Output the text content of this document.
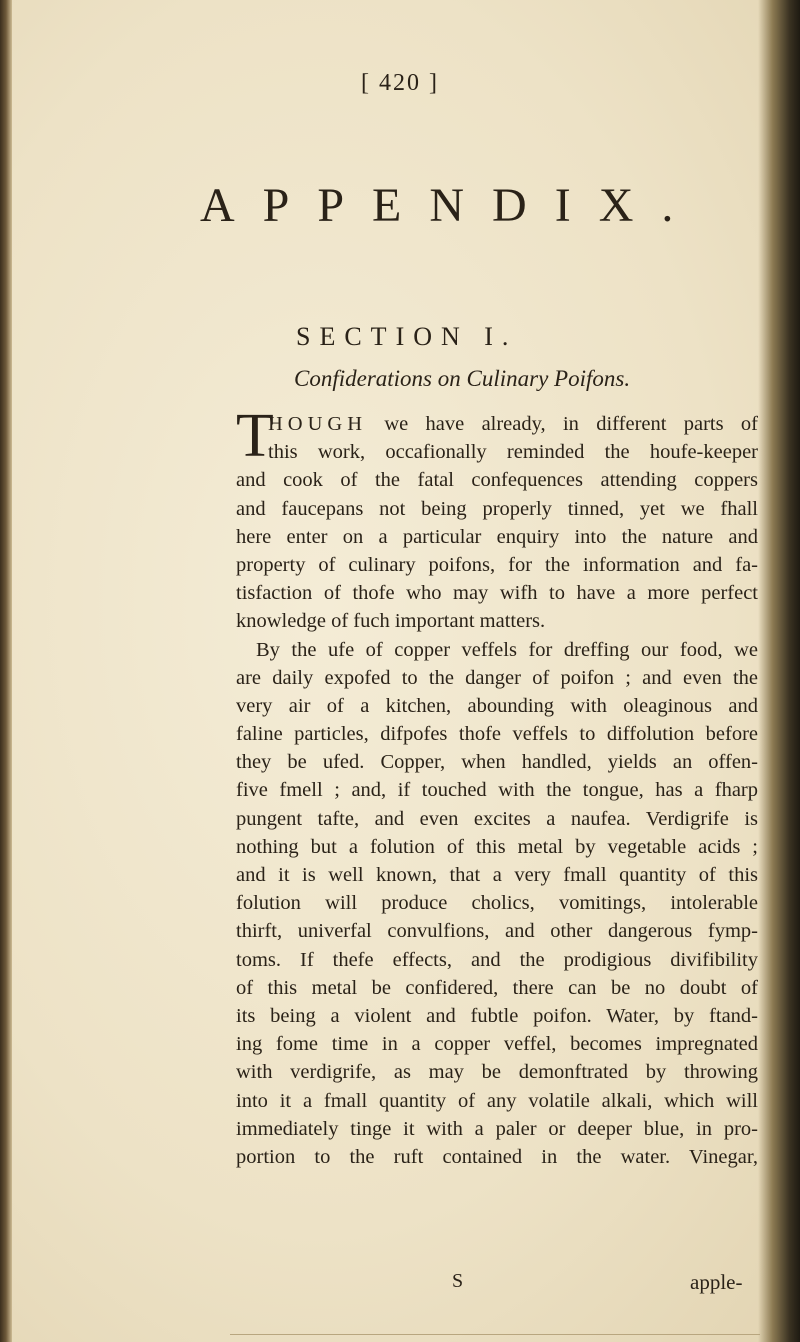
[ 420 ]
APPENDIX.
SECTION I.
Confiderations on Culinary Poifons.
T
HOUGH we have already, in different parts of
this work, occafionally reminded the houfe-keeper
and cook of the fatal confequences attending coppers
and faucepans not being properly tinned, yet we fhall
here enter on a particular enquiry into the nature and
property of culinary poifons, for the information and fa-
tisfaction of thofe who may wifh to have a more perfect
knowledge of fuch important matters.
By the ufe of copper veffels for dreffing our food, we
are daily expofed to the danger of poifon ; and even the
very air of a kitchen, abounding with oleaginous and
faline particles, difpofes thofe veffels to diffolution before
they be ufed. Copper, when handled, yields an offen-
five fmell ; and, if touched with the tongue, has a fharp
pungent tafte, and even excites a naufea. Verdigrife is
nothing but a folution of this metal by vegetable acids ;
and it is well known, that a very fmall quantity of this
folution will produce cholics, vomitings, intolerable
thirft, univerfal convulfions, and other dangerous fymp-
toms. If thefe effects, and the prodigious divifibility
of this metal be confidered, there can be no doubt of
its being a violent and fubtle poifon. Water, by ftand-
ing fome time in a copper veffel, becomes impregnated
with verdigrife, as may be demonftrated by throwing
into it a fmall quantity of any volatile alkali, which will
immediately tinge it with a paler or deeper blue, in pro-
portion to the ruft contained in the water. Vinegar,
S	apple-
